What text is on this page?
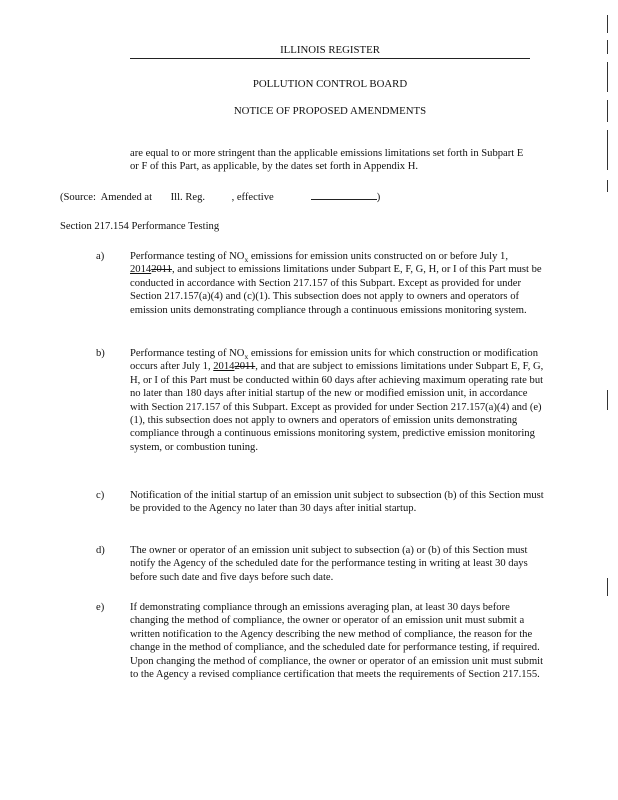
ILLINOIS REGISTER
POLLUTION CONTROL BOARD
NOTICE OF PROPOSED AMENDMENTS
are equal to or more stringent than the applicable emissions limitations set forth in Subpart E or F of this Part, as applicable, by the dates set forth in Appendix H.
(Source:  Amended at Ill. Reg. , effective	)
Section 217.154 Performance Testing
a)	Performance testing of $NO_x$ emissions for emission units constructed on or before July 1, 20142011, and subject to emissions limitations under Subpart E, F, G, H, or I of this Part must be conducted in accordance with Section 217.157 of this Subpart. Except as provided for under Section 217.157(a)(4) and (c)(1). This subsection does not apply to owners and operators of emission units demonstrating compliance through a continuous emissions monitoring system.
b)	Performance testing of $NO_x$ emissions for emission units for which construction or modification occurs after July 1, 20142011, and that are subject to emissions limitations under Subpart E, F, G, H, or I of this Part must be conducted within 60 days after achieving maximum operating rate but no later than 180 days after initial startup of the new or modified emission unit, in accordance with Section 217.157 of this Subpart. Except as provided for under Section 217.157(a)(4) and (e)(1), this subsection does not apply to owners and operators of emission units demonstrating compliance through a continuous emissions monitoring system, predictive emission monitoring system, or combustion tuning.
c)	Notification of the initial startup of an emission unit subject to subsection (b) of this Section must be provided to the Agency no later than 30 days after initial startup.
d)	The owner or operator of an emission unit subject to subsection (a) or (b) of this Section must notify the Agency of the scheduled date for the performance testing in writing at least 30 days before such date and five days before such date.
e)	If demonstrating compliance through an emissions averaging plan, at least 30 days before changing the method of compliance, the owner or operator of an emission unit must submit a written notification to the Agency describing the new method of compliance, the reason for the change in the method of compliance, and the scheduled date for performance testing, if required. Upon changing the method of compliance, the owner or operator of an emission unit must submit to the Agency a revised compliance certification that meets the requirements of Section 217.155.
